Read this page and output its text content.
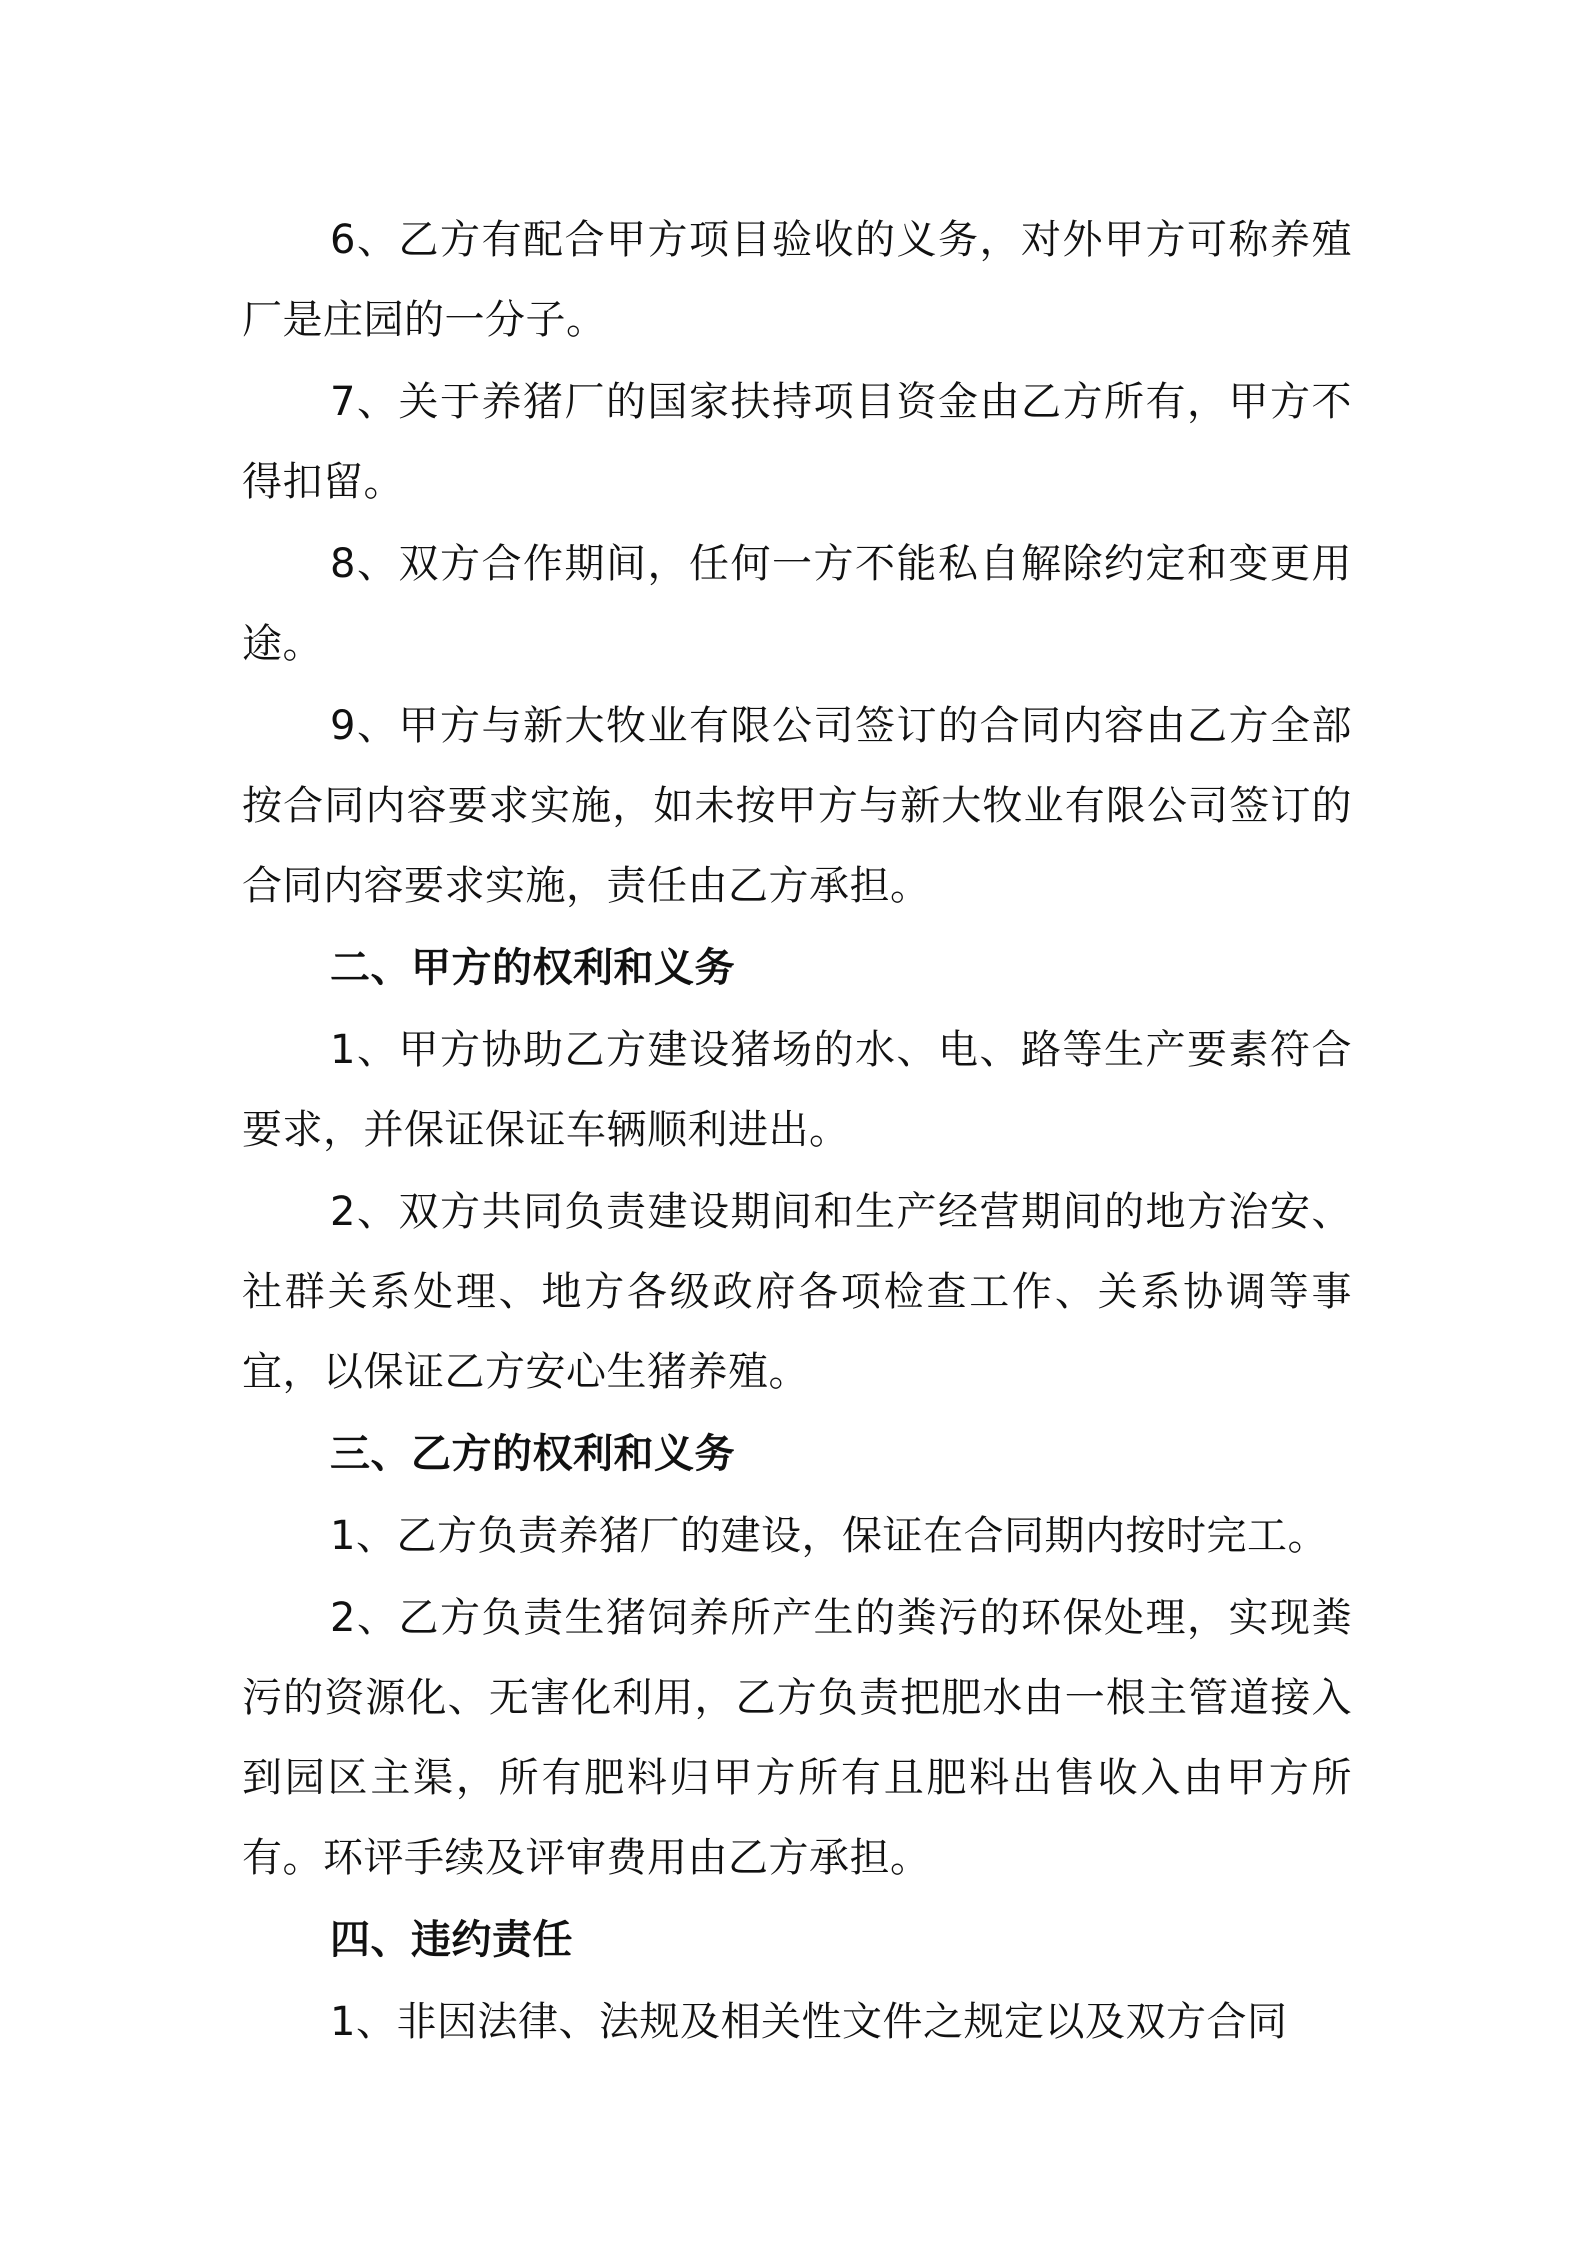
6、乙方有配合甲方项目验收的义务，对外甲方可称养殖厂是庄园的一分子。

7、关于养猪厂的国家扶持项目资金由乙方所有，甲方不得扣留。

8、双方合作期间，任何一方不能私自解除约定和变更用途。

9、甲方与新大牧业有限公司签订的合同内容由乙方全部按合同内容要求实施，如未按甲方与新大牧业有限公司签订的合同内容要求实施，责任由乙方承担。

二、甲方的权利和义务

1、甲方协助乙方建设猪场的水、电、路等生产要素符合要求，并保证保证车辆顺利进出。

2、双方共同负责建设期间和生产经营期间的地方治安、社群关系处理、地方各级政府各项检查工作、关系协调等事宜，以保证乙方安心生猪养殖。

三、乙方的权利和义务

1、乙方负责养猪厂的建设，保证在合同期内按时完工。

2、乙方负责生猪饲养所产生的粪污的环保处理，实现粪污的资源化、无害化利用，乙方负责把肥水由一根主管道接入到园区主渠，所有肥料归甲方所有且肥料出售收入由甲方所有。环评手续及评审费用由乙方承担。

四、违约责任

1、非因法律、法规及相关性文件之规定以及双方合同
